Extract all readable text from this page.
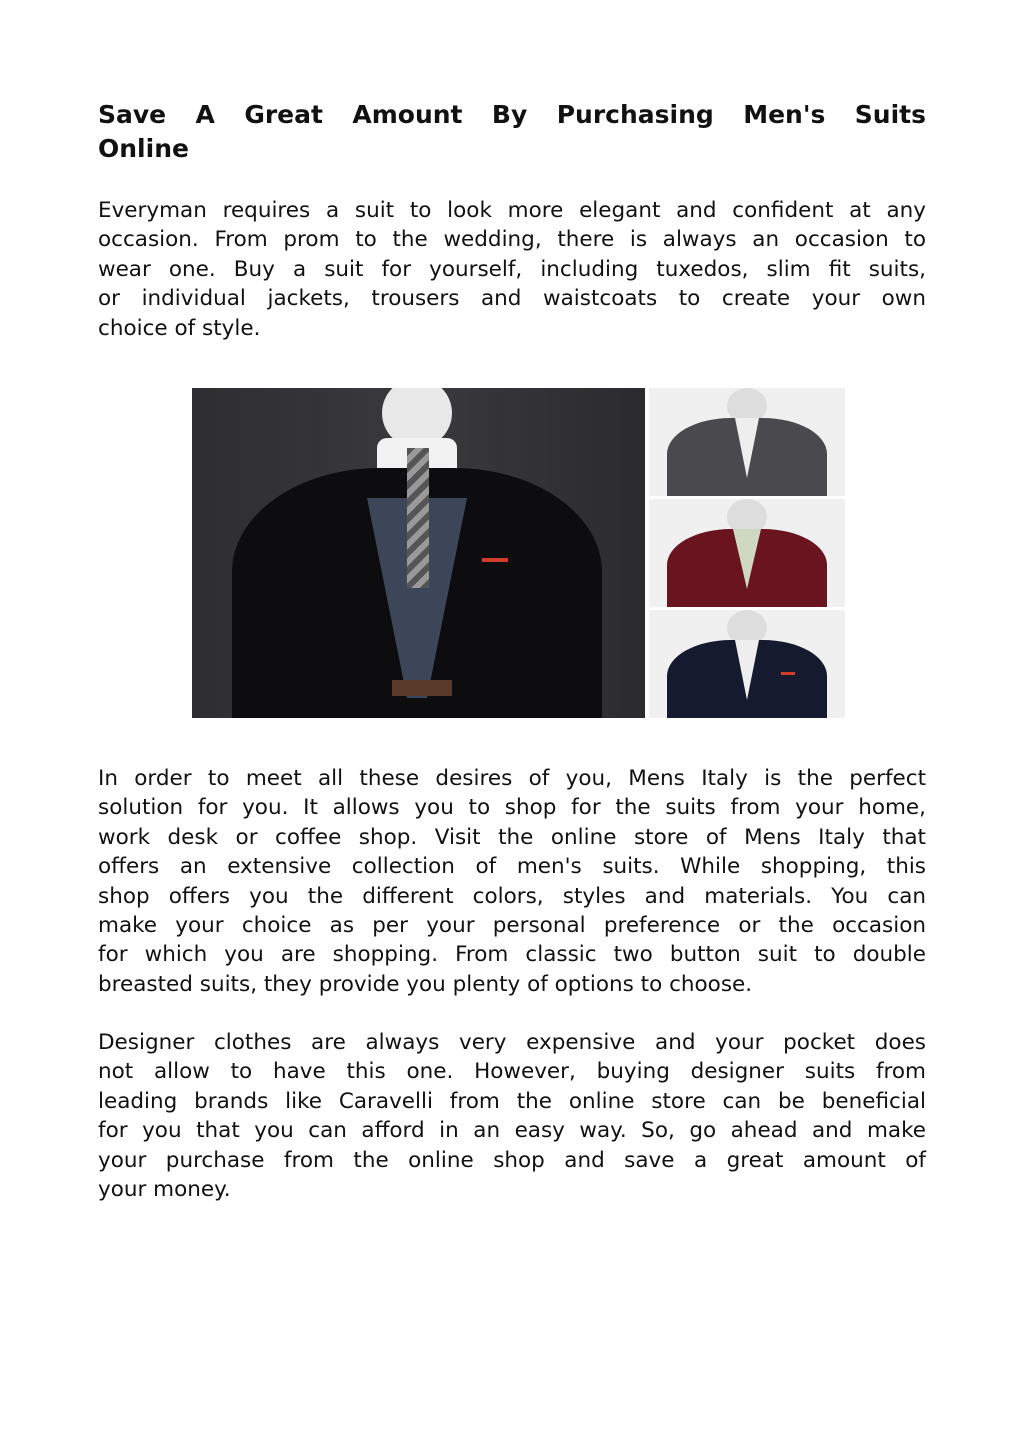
Save A Great Amount By Purchasing Men's Suits
Online
Everyman requires a suit to look more elegant and confident at any
occasion. From prom to the wedding, there is always an occasion to
wear one. Buy a suit for yourself, including tuxedos, slim fit suits,
or individual jackets, trousers and waistcoats to create your own
choice of style.
In order to meet all these desires of you, Mens Italy is the perfect
solution for you. It allows you to shop for the suits from your home,
work desk or coffee shop. Visit the online store of Mens Italy that
offers an extensive collection of men's suits. While shopping, this
shop offers you the different colors, styles and materials. You can
make your choice as per your personal preference or the occasion
for which you are shopping. From classic two button suit to double
breasted suits, they provide you plenty of options to choose.
Designer clothes are always very expensive and your pocket does
not allow to have this one. However, buying designer suits from
leading brands like Caravelli from the online store can be beneficial
for you that you can afford in an easy way. So, go ahead and make
your purchase from the online shop and save a great amount of
your money.
